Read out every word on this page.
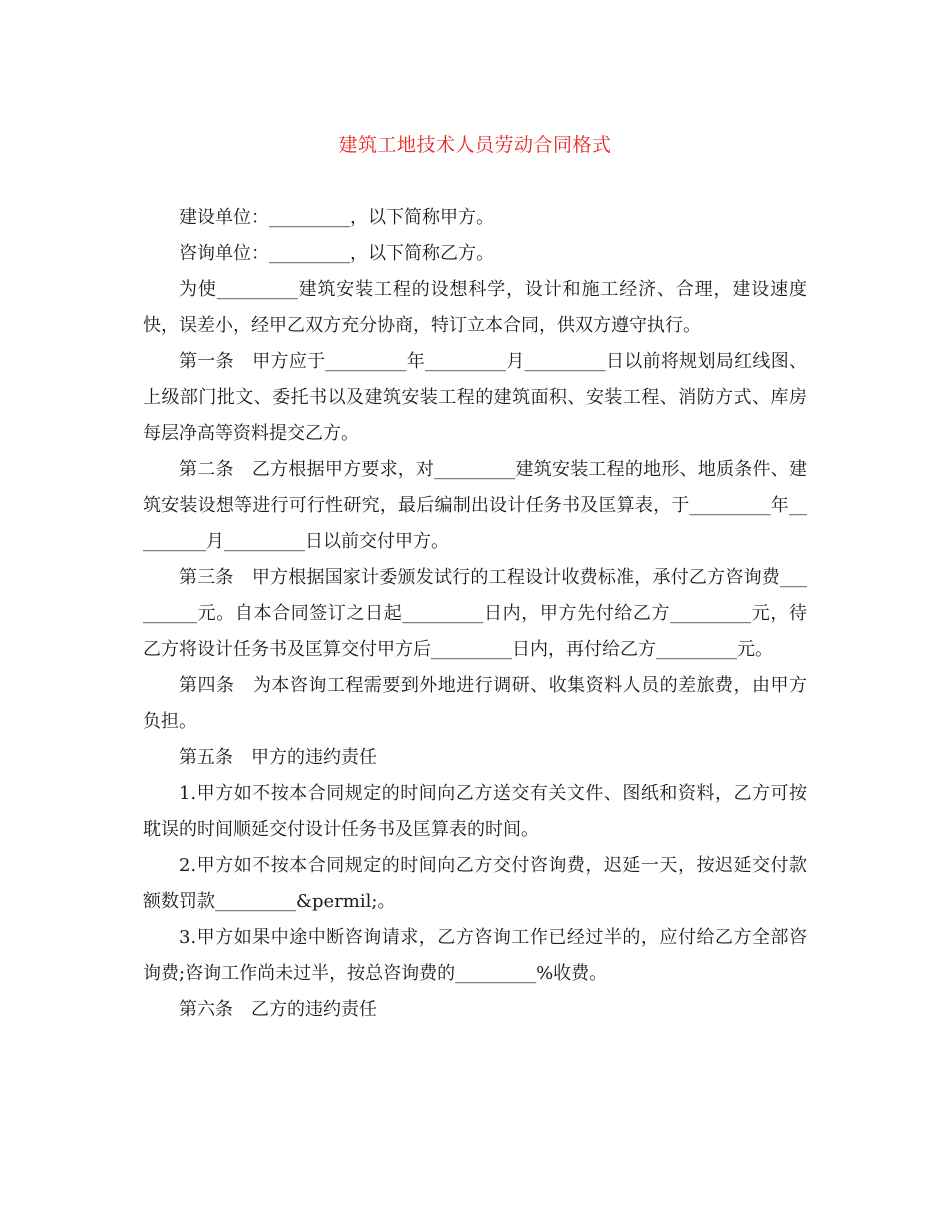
建筑工地技术人员劳动合同格式

建设单位：_________，以下简称甲方。

咨询单位：_________，以下简称乙方。

为使_________建筑安装工程的设想科学，设计和施工经济、合理，建设速度快，误差小，经甲乙双方充分协商，特订立本合同，供双方遵守执行。

第一条　甲方应于_________年_________月_________日以前将规划局红线图、上级部门批文、委托书以及建筑安装工程的建筑面积、安装工程、消防方式、库房每层净高等资料提交乙方。

第二条　乙方根据甲方要求，对_________建筑安装工程的地形、地质条件、建筑安装设想等进行可行性研究，最后编制出设计任务书及匡算表，于_________年_________月_________日以前交付甲方。

第三条　甲方根据国家计委颁发试行的工程设计收费标准，承付乙方咨询费_________元。自本合同签订之日起_________日内，甲方先付给乙方_________元，待乙方将设计任务书及匡算交付甲方后_________日内，再付给乙方_________元。

第四条　为本咨询工程需要到外地进行调研、收集资料人员的差旅费，由甲方负担。

第五条　甲方的违约责任

1.甲方如不按本合同规定的时间向乙方送交有关文件、图纸和资料，乙方可按耽误的时间顺延交付设计任务书及匡算表的时间。

2.甲方如不按本合同规定的时间向乙方交付咨询费，迟延一天，按迟延交付款额数罚款_________&permil;。

3.甲方如果中途中断咨询请求，乙方咨询工作已经过半的，应付给乙方全部咨询费;咨询工作尚未过半，按总咨询费的_________%收费。

第六条　乙方的违约责任
